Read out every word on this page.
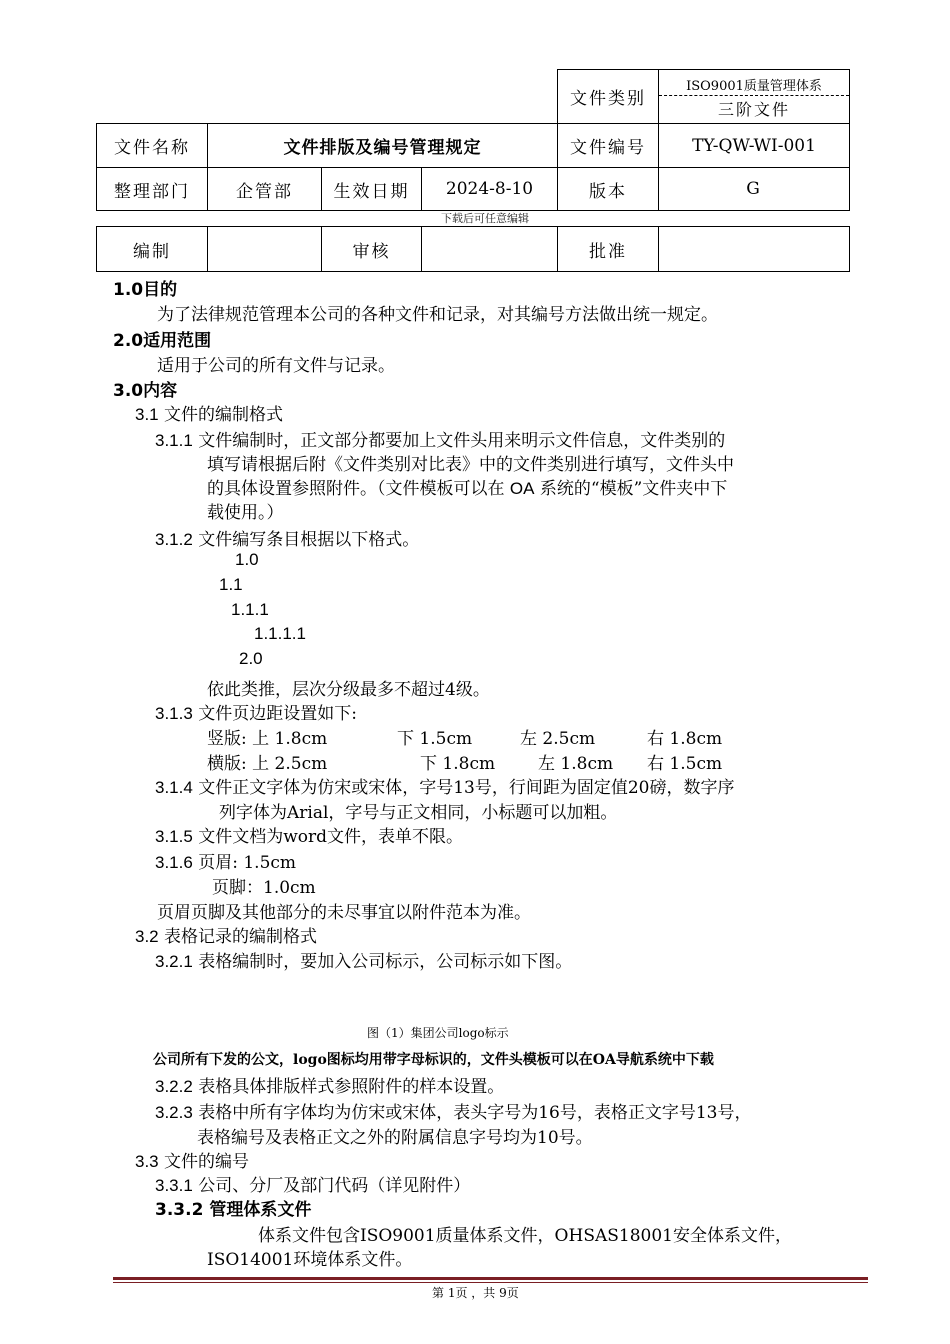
				文件类别	ISO9001质量管理体系
三阶文件

文件名称	文件排版及编号管理规定			文件编号	TY-QW-WI-001
整理部门	企管部	生效日期	2024-8-10	版本	G
下载后可任意编辑
编制		审核		批准	
1.0目的
为了法律规范管理本公司的各种文件和记录，对其编号方法做出统一规定。
2.0适用范围
适用于公司的所有文件与记录。
3.0内容
3.1 文件的编制格式
3.1.1 文件编制时，正文部分都要加上文件头用来明示文件信息，文件类别的
填写请根据后附《文件类别对比表》中的文件类别进行填写，文件头中
的具体设置参照附件。（文件模板可以在 OA 系统的“模板”文件夹中下
载使用。）
3.1.2 文件编写条目根据以下格式。
1.0
1.1
1.1.1
1.1.1.1
2.0
依此类推，层次分级最多不超过4级。
3.1.3 文件页边距设置如下:
竖版: 上 1.8cm	下 1.5cm	左 2.5cm	右 1.8cm
横版: 上 2.5cm	下 1.8cm	左 1.8cm 右 1.5cm
3.1.4 文件正文字体为仿宋或宋体，字号13号，行间距为固定值20磅，数字序
列字体为Arial，字号与正文相同，小标题可以加粗。
3.1.5 文件文档为word文件，表单不限。
3.1.6 页眉: 1.5cm
页脚：1.0cm
页眉页脚及其他部分的未尽事宜以附件范本为准。
3.2 表格记录的编制格式
3.2.1 表格编制时，要加入公司标示，公司标示如下图。
图（1）集团公司logo标示
公司所有下发的公文，logo图标均用带字母标识的，文件头模板可以在OA导航系统中下载
3.2.2 表格具体排版样式参照附件的样本设置。
3.2.3 表格中所有字体均为仿宋或宋体，表头字号为16号，表格正文字号13号，
表格编号及表格正文之外的附属信息字号均为10号。
3.3 文件的编号
3.3.1 公司、分厂及部门代码（详见附件）
3.3.2 管理体系文件
体系文件包含ISO9001质量体系文件，OHSAS18001安全体系文件，
ISO14001环境体系文件。
第 1页 ，共 9页
